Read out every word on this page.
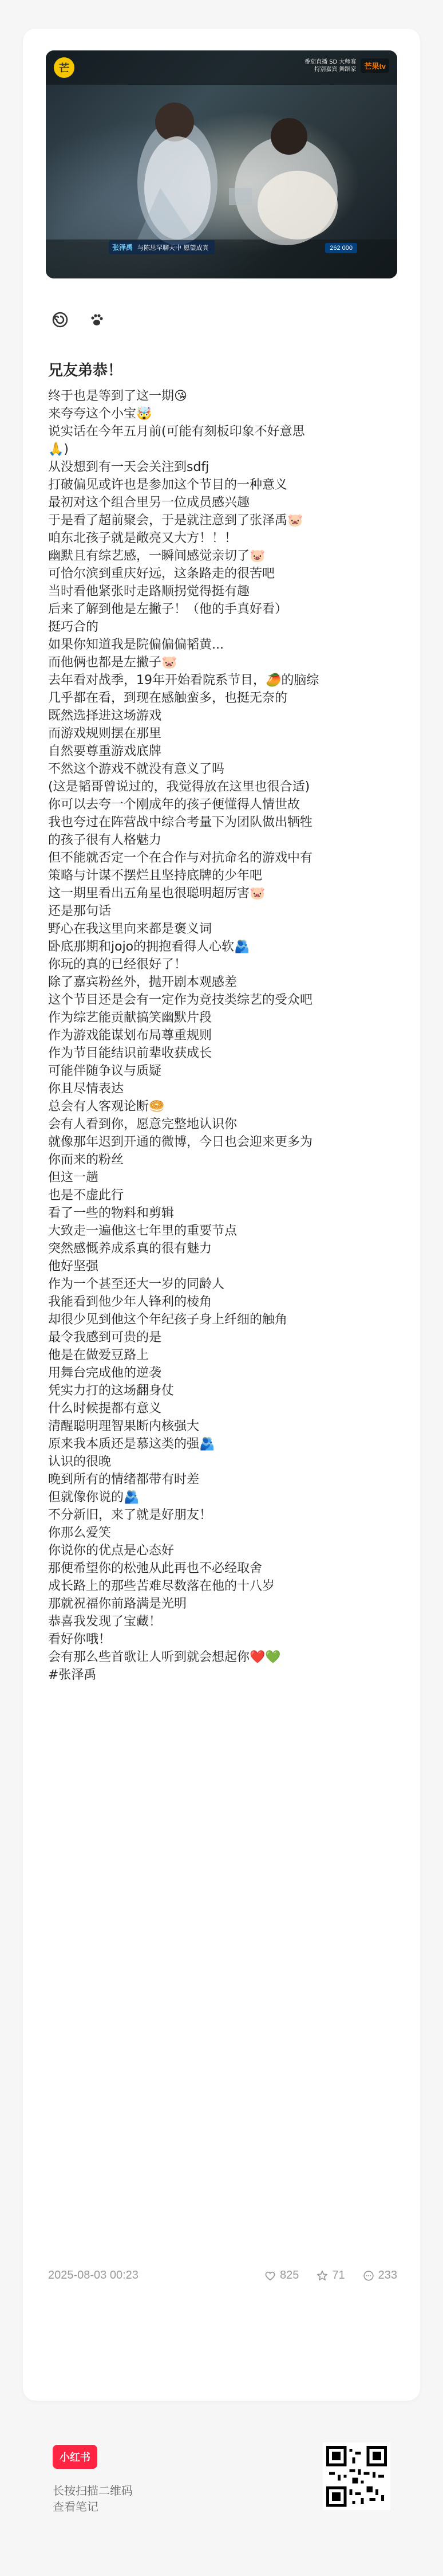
芒
番茄直播 SD 大师赛
特别嘉宾 舞蹈家	芒果tv
张泽禹 与陈思罕聊天中 愿望成真	262 000
兄友弟恭！
终于也是等到了这一期😘
来夸夸这个小宝🤯
说实话在今年五月前(可能有刻板印象不好意思
🙏)
从没想到有一天会关注到sdfj
打破偏见或许也是参加这个节目的一种意义
最初对这个组合里另一位成员感兴趣
于是看了超前聚会，于是就注意到了张泽禹🐷
咱东北孩子就是敞亮又大方！！！
幽默且有综艺感，一瞬间感觉亲切了🐷
可恰尔滨到重庆好远，这条路走的很苦吧
当时看他紧张时走路顺拐觉得挺有趣
后来了解到他是左撇子！（他的手真好看）
挺巧合的
如果你知道我是院偏偏偏韬黄...
而他俩也都是左撇子🐷
去年看对战季，19年开始看院系节目，🥭的脑综
几乎都在看，到现在感触蛮多，也挺无奈的
既然选择进这场游戏
而游戏规则摆在那里
自然要尊重游戏底牌
不然这个游戏不就没有意义了吗
(这是韬哥曾说过的，我觉得放在这里也很合适)
你可以去夸一个刚成年的孩子便懂得人情世故
我也夸过在阵营战中综合考量下为团队做出牺牲
的孩子很有人格魅力
但不能就否定一个在合作与对抗命名的游戏中有
策略与计谋不摆烂且坚持底牌的少年吧
这一期里看出五角星也很聪明超厉害🐷
还是那句话
野心在我这里向来都是褒义词
卧底那期和jojo的拥抱看得人心软🫂
你玩的真的已经很好了！
除了嘉宾粉丝外，抛开剧本观感差
这个节目还是会有一定作为竞技类综艺的受众吧
作为综艺能贡献搞笑幽默片段
作为游戏能谋划布局尊重规则
作为节目能结识前辈收获成长
可能伴随争议与质疑
你且尽情表达
总会有人客观论断🥯
会有人看到你，愿意完整地认识你
就像那年迟到开通的微博，今日也会迎来更多为
你而来的粉丝
但这一趟
也是不虚此行
看了一些的物料和剪辑
大致走一遍他这七年里的重要节点
突然感慨养成系真的很有魅力
他好坚强
作为一个甚至还大一岁的同龄人
我能看到他少年人锋利的棱角
却很少见到他这个年纪孩子身上纤细的触角
最令我感到可贵的是
他是在做爱豆路上
用舞台完成他的逆袭
凭实力打的这场翻身仗
什么时候提都有意义
清醒聪明理智果断内核强大
原来我本质还是慕这类的强🫂
认识的很晚
晚到所有的情绪都带有时差
但就像你说的🫂
不分新旧，来了就是好朋友！
你那么爱笑
你说你的优点是心态好
那便希望你的松弛从此再也不必经取舍
成长路上的那些苦难尽数落在他的十八岁
那就祝福你前路满是光明
恭喜我发现了宝藏！
看好你哦！
会有那么些首歌让人听到就会想起你❤️💚
#张泽禹
2025-08-03 00:23	825	71	233
小红书
长按扫描二维码
查看笔记
